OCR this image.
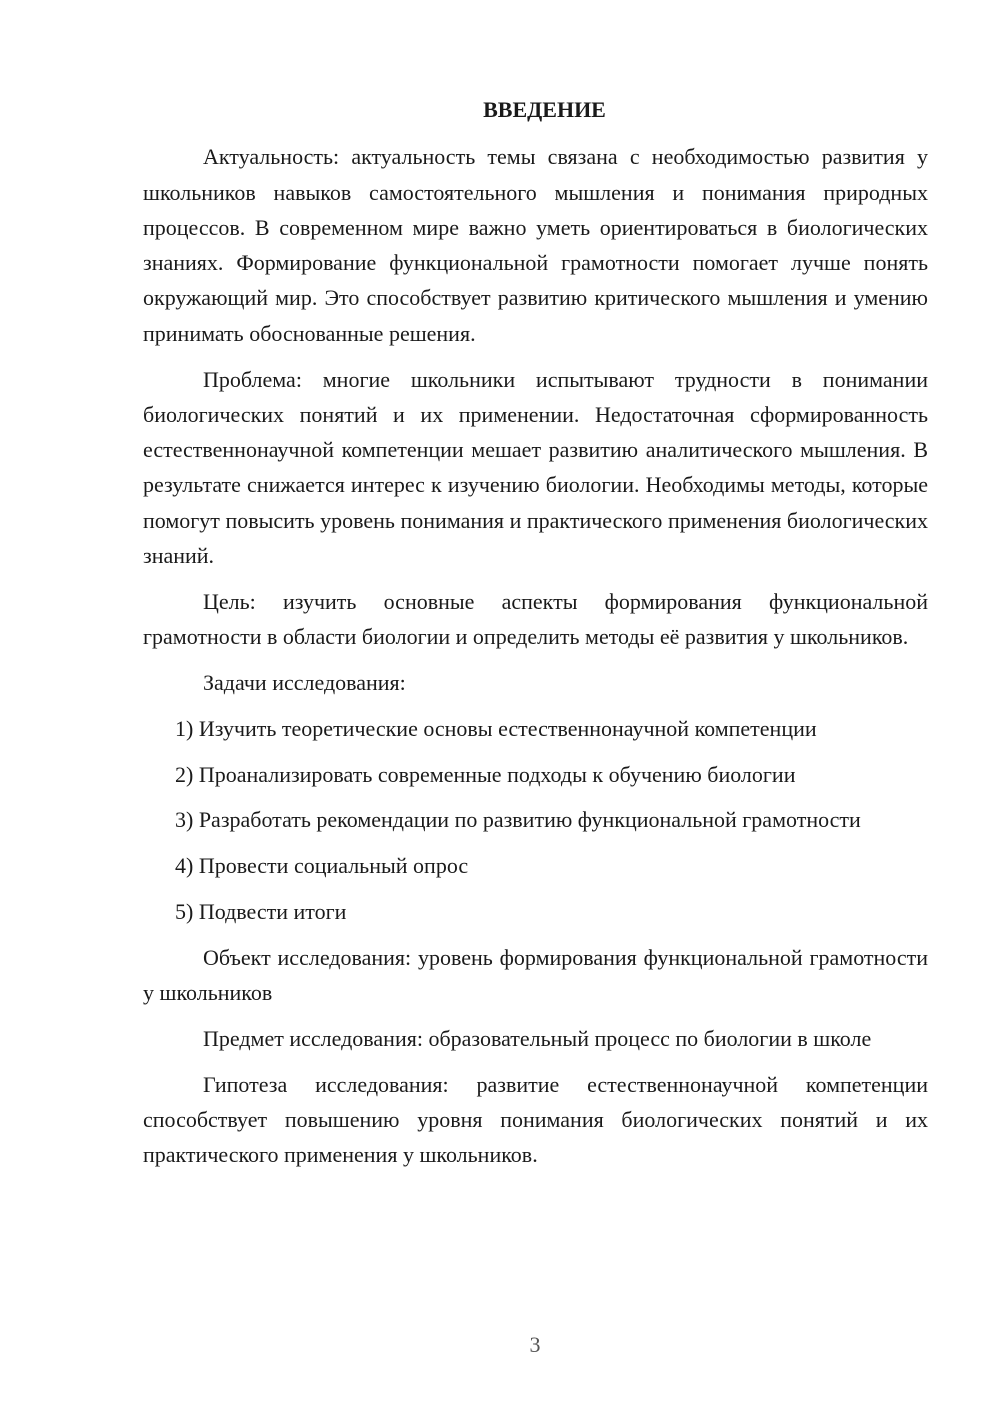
ВВЕДЕНИЕ

Актуальность: актуальность темы связана с необходимостью развития у школьников навыков самостоятельного мышления и понимания природных процессов. В современном мире важно уметь ориентироваться в биологических знаниях. Формирование функциональной грамотности помогает лучше понять окружающий мир. Это способствует развитию критического мышления и умению принимать обоснованные решения.

Проблема: многие школьники испытывают трудности в понимании биологических понятий и их применении. Недостаточная сформированность естественнонаучной компетенции мешает развитию аналитического мышления. В результате снижается интерес к изучению биологии. Необходимы методы, которые помогут повысить уровень понимания и практического применения биологических знаний.

Цель: изучить основные аспекты формирования функциональной грамотности в области биологии и определить методы её развития у школьников.

Задачи исследования:

1) Изучить теоретические основы естественнонаучной компетенции

2) Проанализировать современные подходы к обучению биологии

3) Разработать рекомендации по развитию функциональной грамотности

4) Провести социальный опрос

5) Подвести итоги

Объект исследования: уровень формирования функциональной грамотности у школьников

Предмет исследования: образовательный процесс по биологии в школе

Гипотеза исследования: развитие естественнонаучной компетенции способствует повышению уровня понимания биологических понятий и их практического применения у школьников.

3
